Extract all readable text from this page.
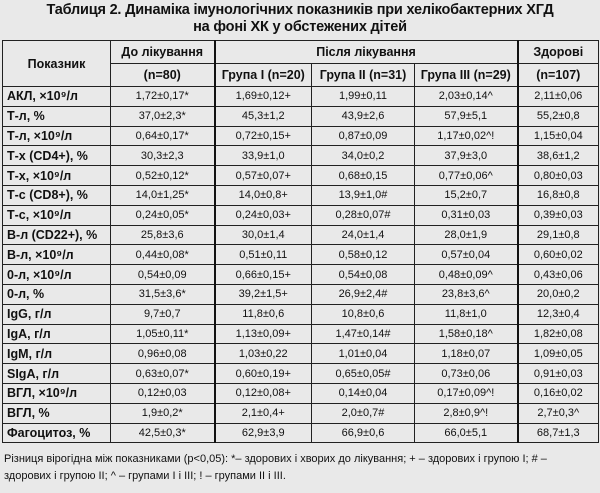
Таблиця 2. Динаміка імунологічних показників при хелікобактерних ХГД
на фоні ХК у обстежених дітей
Показник	До лікування	Після лікування			Здорові
	(n=80)	Група І (n=20)	Група ІІ (n=31)	Група ІІІ (n=29)	(n=107)
АКЛ, ×10⁹/л	1,72±0,17*	1,69±0,12+	1,99±0,11	2,03±0,14^	2,11±0,06
Т-л, %	37,0±2,3*	45,3±1,2	43,9±2,6	57,9±5,1	55,2±0,8
Т-л, ×10⁹/л	0,64±0,17*	0,72±0,15+	0,87±0,09	1,17±0,02^!	1,15±0,04
Т-х (CD4+), %	30,3±2,3	33,9±1,0	34,0±0,2	37,9±3,0	38,6±1,2
Т-х, ×10⁹/л	0,52±0,12*	0,57±0,07+	0,68±0,15	0,77±0,06^	0,80±0,03
Т-с (CD8+), %	14,0±1,25*	14,0±0,8+	13,9±1,0#	15,2±0,7	16,8±0,8
Т-с, ×10⁹/л	0,24±0,05*	0,24±0,03+	0,28±0,07#	0,31±0,03	0,39±0,03
В-л (CD22+), %	25,8±3,6	30,0±1,4	24,0±1,4	28,0±1,9	29,1±0,8
В-л, ×10⁹/л	0,44±0,08*	0,51±0,11	0,58±0,12	0,57±0,04	0,60±0,02
0-л, ×10⁹/л	0,54±0,09	0,66±0,15+	0,54±0,08	0,48±0,09^	0,43±0,06
0-л, %	31,5±3,6*	39,2±1,5+	26,9±2,4#	23,8±3,6^	20,0±0,2
IgG, г/л	9,7±0,7	11,8±0,6	10,8±0,6	11,8±1,0	12,3±0,4
IgA, г/л	1,05±0,11*	1,13±0,09+	1,47±0,14#	1,58±0,18^	1,82±0,08
IgM, г/л	0,96±0,08	1,03±0,22	1,01±0,04	1,18±0,07	1,09±0,05
SIgA, г/л	0,63±0,07*	0,60±0,19+	0,65±0,05#	0,73±0,06	0,91±0,03
ВГЛ, ×10⁹/л	0,12±0,03	0,12±0,08+	0,14±0,04	0,17±0,09^!	0,16±0,02
ВГЛ, %	1,9±0,2*	2,1±0,4+	2,0±0,7#	2,8±0,9^!	2,7±0,3^
Фагоцитоз, %	42,5±0,3*	62,9±3,9	66,9±0,6	66,0±5,1	68,7±1,3
Різниця вірогідна між показниками (р<0,05): *– здорових і хворих до лікування; + – здорових і групою І; # – здорових і групою ІІ; ^ – групами І і ІІІ; ! – групами ІІ і ІІІ.
